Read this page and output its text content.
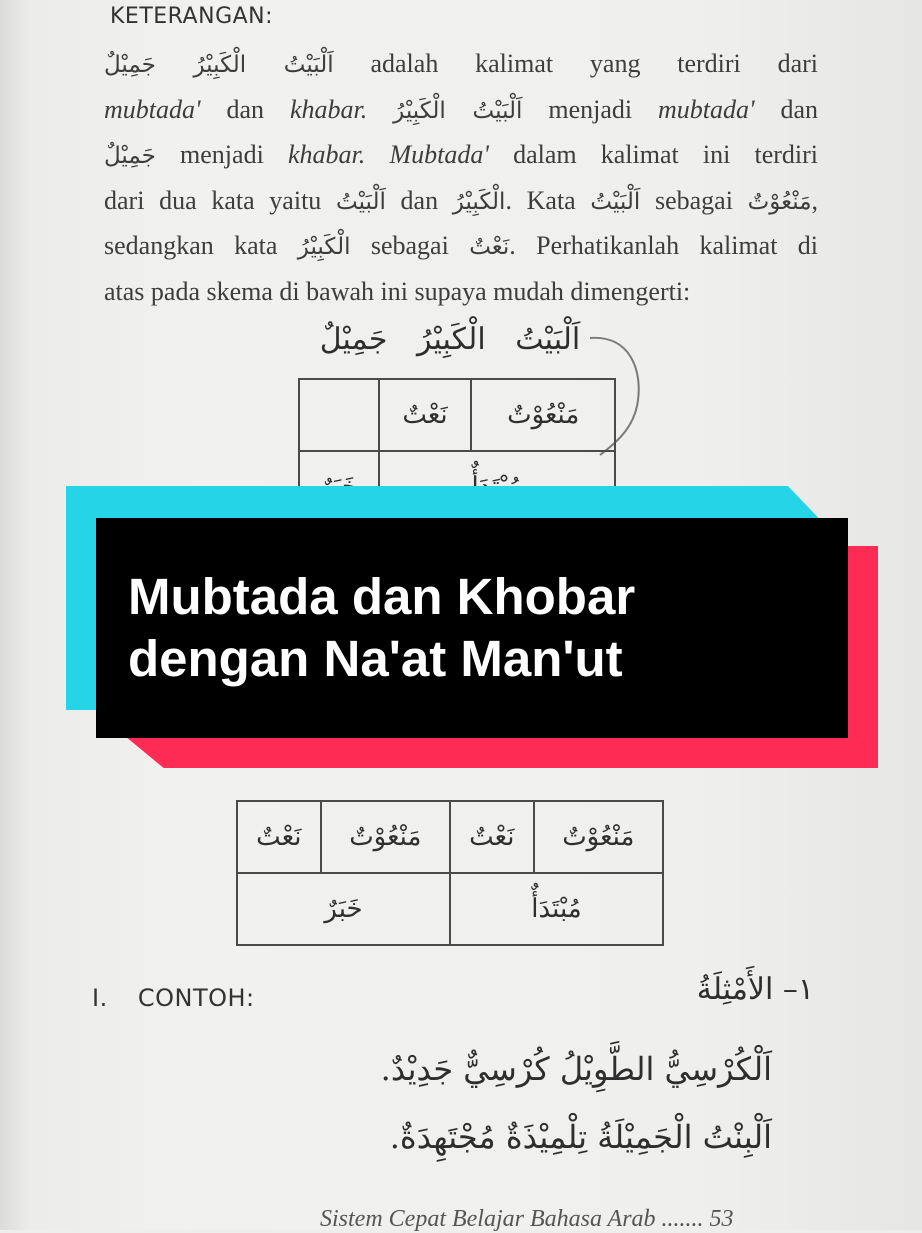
KETERANGAN:
اَلْبَيْتُ الْكَبِيْرُ جَمِيْلٌ adalah kalimat yang terdiri dari
mubtada' dan khabar. اَلْبَيْتُ الْكَبِيْرُ menjadi mubtada' dan
جَمِيْلٌ menjadi khabar. Mubtada' dalam kalimat ini terdiri
dari dua kata yaitu اَلْبَيْتُ dan الْكَبِيْرُ. Kata اَلْبَيْتُ sebagai مَنْعُوْتٌ,
sedangkan kata الْكَبِيْرُ sebagai نَعْتٌ. Perhatikanlah kalimat di
atas pada skema di bawah ini supaya mudah dimengerti:
اَلْبَيْتُ الْكَبِيْرُ جَمِيْلٌ
	نَعْتٌ	مَنْعُوْتٌ

Mubtada dan Khobar
dengan Na'at Man'ut
نَعْتٌ	مَنْعُوْتٌ	نَعْتٌ	مَنْعُوْتٌ
خَبَرٌ		مُبْتَدَأٌ	
I. CONTOH:	١– الأَمْثِلَةُ
اَلْكُرْسِيُّ الطَّوِيْلُ كُرْسِيٌّ جَدِيْدٌ.
اَلْبِنْتُ الْجَمِيْلَةُ تِلْمِيْذَةٌ مُجْتَهِدَةٌ.
Sistem Cepat Belajar Bahasa Arab ....... 53
